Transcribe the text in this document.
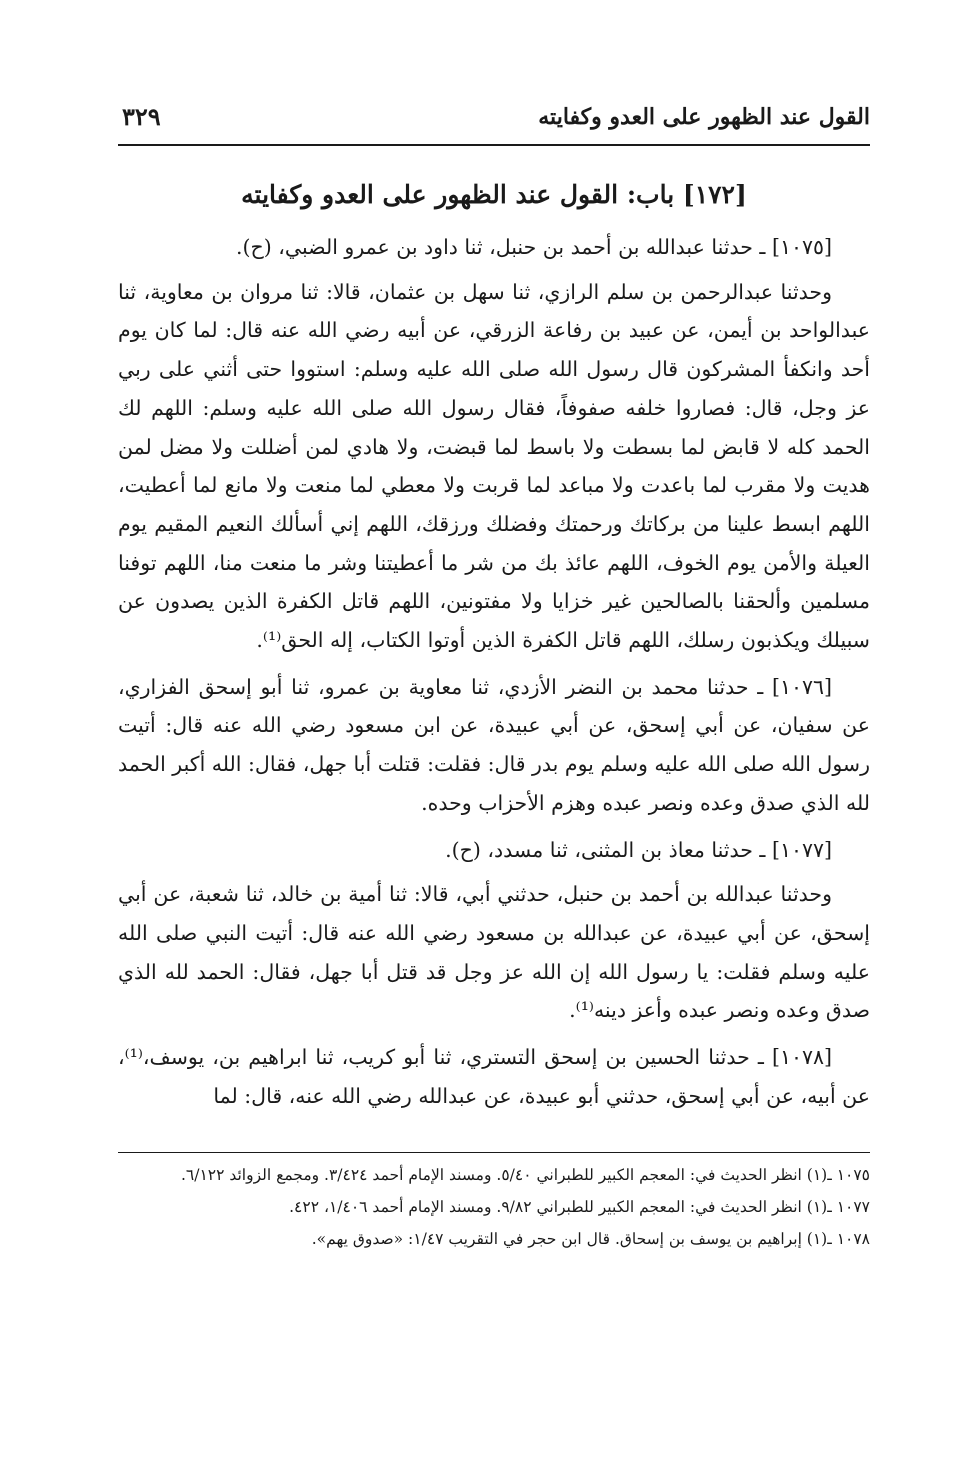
القول عند الظهور على العدو وكفايته
٣٢٩
[١٧٢] باب: القول عند الظهور على العدو وكفايته

[١٠٧٥] ـ حدثنا عبدالله بن أحمد بن حنبل، ثنا داود بن عمرو الضبي، (ح).

وحدثنا عبدالرحمن بن سلم الرازي، ثنا سهل بن عثمان، قالا: ثنا مروان بن معاوية، ثنا عبدالواحد بن أيمن، عن عبيد بن رفاعة الزرقي، عن أبيه رضي الله عنه قال: لما كان يوم أحد وانكفأ المشركون قال رسول الله صلى الله عليه وسلم: استووا حتى أثني على ربي عز وجل، قال: فصاروا خلفه صفوفاً، فقال رسول الله صلى الله عليه وسلم: اللهم لك الحمد كله لا قابض لما بسطت ولا باسط لما قبضت، ولا هادي لمن أضللت ولا مضل لمن هديت ولا مقرب لما باعدت ولا مباعد لما قربت ولا معطي لما منعت ولا مانع لما أعطيت، اللهم ابسط علينا من بركاتك ورحمتك وفضلك ورزقك، اللهم إني أسألك النعيم المقيم يوم العيلة والأمن يوم الخوف، اللهم عائذ بك من شر ما أعطيتنا وشر ما منعت منا، اللهم توفنا مسلمين وألحقنا بالصالحين غير خزايا ولا مفتونين، اللهم قاتل الكفرة الذين يصدون عن سبيلك ويكذبون رسلك، اللهم قاتل الكفرة الذين أوتوا الكتاب، إله الحق⁽¹⁾.

[١٠٧٦] ـ حدثنا محمد بن النضر الأزدي، ثنا معاوية بن عمرو، ثنا أبو إسحق الفزاري، عن سفيان، عن أبي إسحق، عن أبي عبيدة، عن ابن مسعود رضي الله عنه قال: أتيت رسول الله صلى الله عليه وسلم يوم بدر قال: فقلت: قتلت أبا جهل، فقال: الله أكبر الحمد لله الذي صدق وعده ونصر عبده وهزم الأحزاب وحده.

[١٠٧٧] ـ حدثنا معاذ بن المثنى، ثنا مسدد، (ح).

وحدثنا عبدالله بن أحمد بن حنبل، حدثني أبي، قالا: ثنا أمية بن خالد، ثنا شعبة، عن أبي إسحق، عن أبي عبيدة، عن عبدالله بن مسعود رضي الله عنه قال: أتيت النبي صلى الله عليه وسلم فقلت: يا رسول الله إن الله عز وجل قد قتل أبا جهل، فقال: الحمد لله الذي صدق وعده ونصر عبده وأعز دينه⁽¹⁾.

[١٠٧٨] ـ حدثنا الحسين بن إسحق التستري، ثنا أبو كريب، ثنا ابراهيم بن، يوسف،⁽¹⁾، عن أبيه، عن أبي إسحق، حدثني أبو عبيدة، عن عبدالله رضي الله عنه، قال: لما

١٠٧٥ ـ(١) انظر الحديث في: المعجم الكبير للطبراني ٥/٤٠. ومسند الإمام أحمد ٣/٤٢٤. ومجمع الزوائد ٦/١٢٢.

١٠٧٧ ـ(١) انظر الحديث في: المعجم الكبير للطبراني ٩/٨٢. ومسند الإمام أحمد ١/٤٠٦، ٤٢٢.

١٠٧٨ ـ(١) إبراهيم بن يوسف بن إسحاق. قال ابن حجر في التقريب ١/٤٧: «صدوق يهم».
